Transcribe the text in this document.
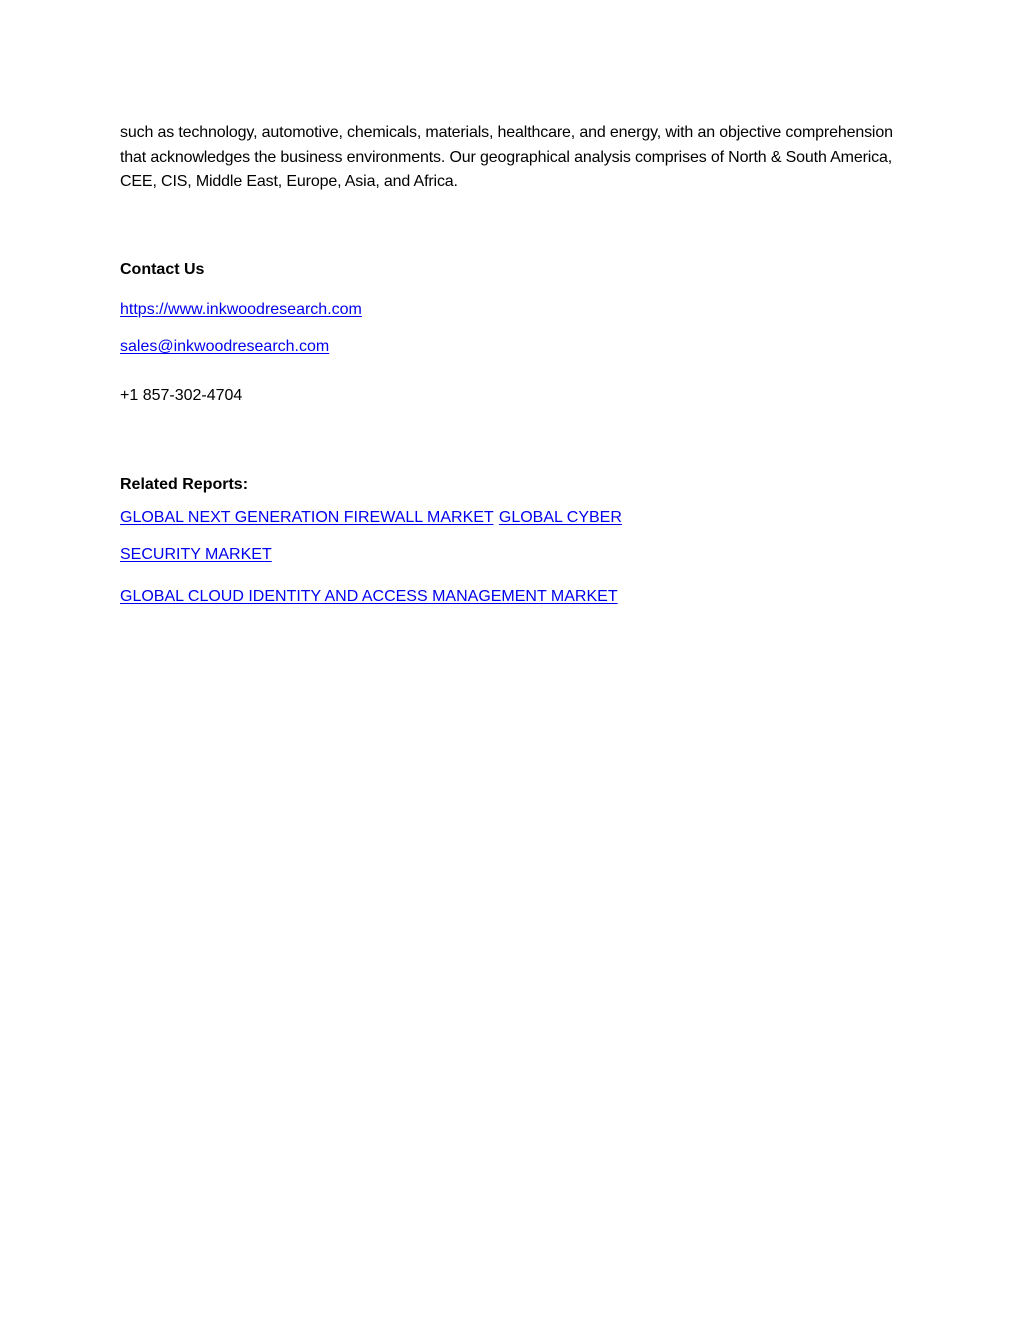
such as technology, automotive, chemicals, materials, healthcare, and energy, with an objective comprehension that acknowledges the business environments. Our geographical analysis comprises of North & South America, CEE, CIS, Middle East, Europe, Asia, and Africa.

Contact Us

https://www.inkwoodresearch.com
sales@inkwoodresearch.com
+1 857-302-4704

Related Reports:

GLOBAL NEXT GENERATION FIREWALL MARKET GLOBAL CYBER
SECURITY MARKET
GLOBAL CLOUD IDENTITY AND ACCESS MANAGEMENT MARKET
